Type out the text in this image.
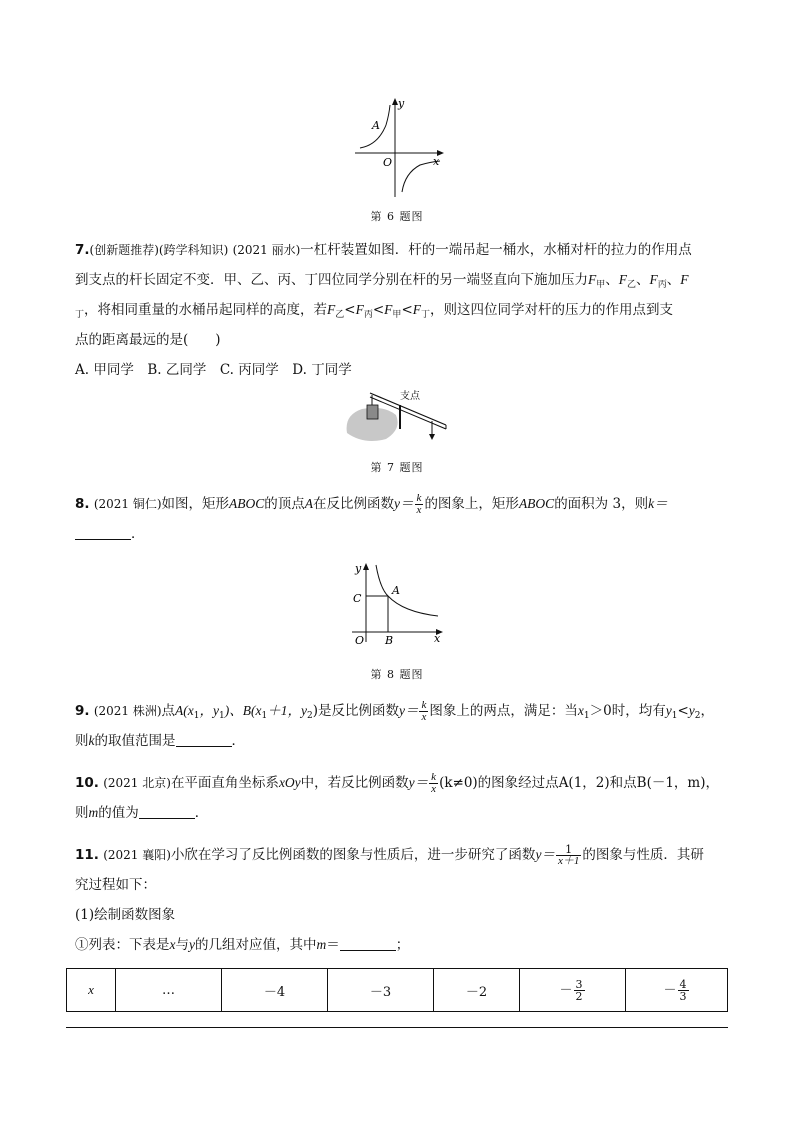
y
x
O
A
第 6 题图
7.(创新题推荐)(跨学科知识) (2021 丽水)一杠杆装置如图．杆的一端吊起一桶水，水桶对杆的拉力的作用点
到支点的杆长固定不变．甲、乙、丙、丁四位同学分别在杆的另一端竖直向下施加压力$F_甲$、$F_乙$、$F_丙$、F
$_丁$，将相同重量的水桶吊起同样的高度，若$F_乙<F_丙<F_甲<F_丁$，则这四位同学对杆的压力的作用点到支
点的距离最远的是(　　)
A. 甲同学　B. 乙同学　C. 丙同学　D. 丁同学
支点
第 7 题图
8. (2021 铜仁)如图，矩形ABOC的顶点A在反比例函数$y= \frac{k}{x}$ 的图象上，矩形ABOC的面积为 3，则k＝
．
y
x
O
A
B
C
第 8 题图
9. (2021 株洲)点$A(x_1$，$y_1$)、$B(x_1+1$，$y_2$)是反比例函数$y= \frac{k}{x}$ 图象上的两点，满足：当$x_1>0$时，均有$y_1<y_2$，
则k的取值范围是	．
10. (2021 北京)在平面直角坐标系xOy中，若反比例函数$y= \frac{k}{x} (k\ne 0)$的图象经过点A(1，2)和点B(－1，m)，
则m的值为	．
11. (2021 襄阳)小欣在学习了反比例函数的图象与性质后，进一步研究了函数$y= \frac{1}{x+1}$ 的图象与性质．其研
究过程如下：
(1)绘制函数图象
①列表：下表是x与y的几组对应值，其中m＝	；
x	…	－4	－3	－2	－ $\frac{3}{2}$	－ $\frac{4}{3}$
